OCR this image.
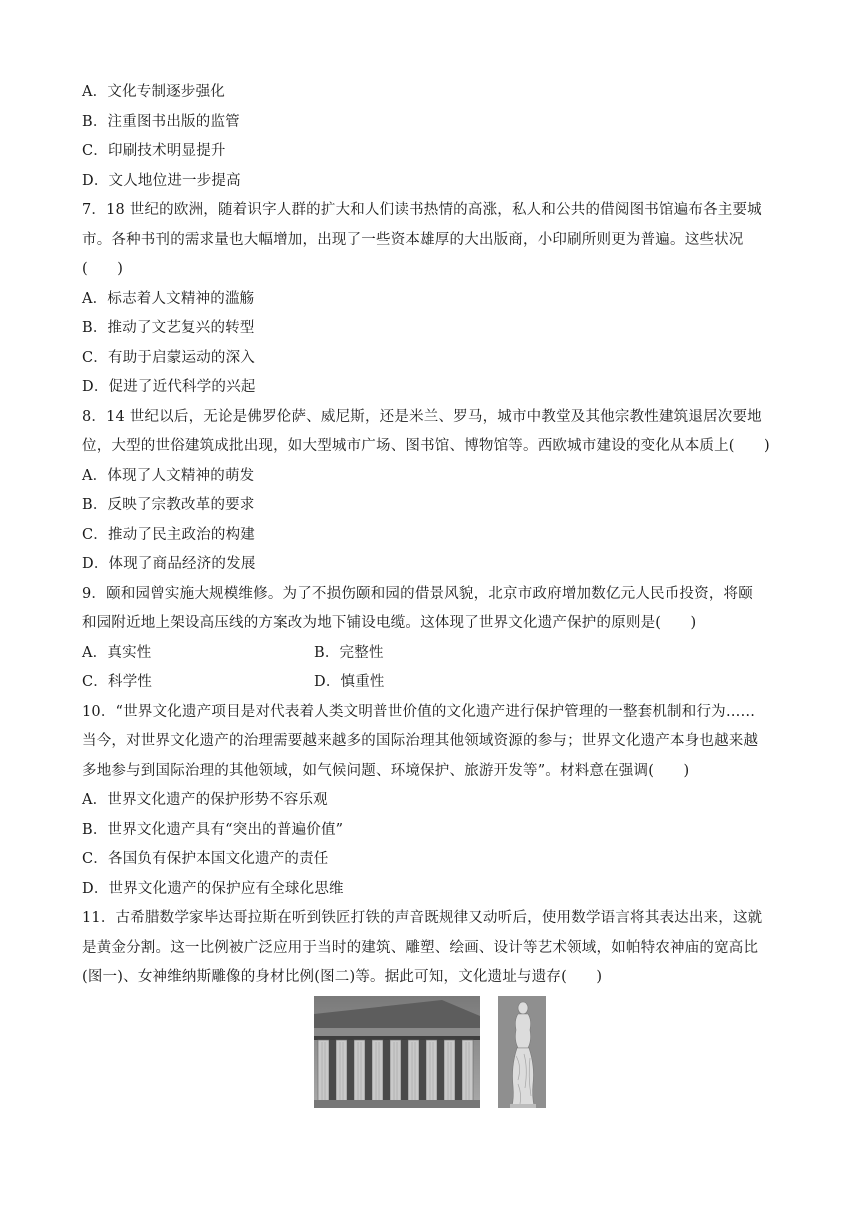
A．文化专制逐步强化
B．注重图书出版的监管
C．印刷技术明显提升
D．文人地位进一步提高
7．18 世纪的欧洲，随着识字人群的扩大和人们读书热情的高涨，私人和公共的借阅图书馆遍布各主要城
市。各种书刊的需求量也大幅增加，出现了一些资本雄厚的大出版商，小印刷所则更为普遍。这些状况
(　　)
A．标志着人文精神的滥觞
B．推动了文艺复兴的转型
C．有助于启蒙运动的深入
D．促进了近代科学的兴起
8．14 世纪以后，无论是佛罗伦萨、威尼斯，还是米兰、罗马，城市中教堂及其他宗教性建筑退居次要地
位，大型的世俗建筑成批出现，如大型城市广场、图书馆、博物馆等。西欧城市建设的变化从本质上(　　)
A．体现了人文精神的萌发
B．反映了宗教改革的要求
C．推动了民主政治的构建
D．体现了商品经济的发展
9．颐和园曾实施大规模维修。为了不损伤颐和园的借景风貌，北京市政府增加数亿元人民币投资，将颐
和园附近地上架设高压线的方案改为地下铺设电缆。这体现了世界文化遗产保护的原则是(　　)
A．真实性	B．完整性
C．科学性	D．慎重性
10．“世界文化遗产项目是对代表着人类文明普世价值的文化遗产进行保护管理的一整套机制和行为……
当今，对世界文化遗产的治理需要越来越多的国际治理其他领域资源的参与；世界文化遗产本身也越来越
多地参与到国际治理的其他领域，如气候问题、环境保护、旅游开发等”。材料意在强调(　　)
A．世界文化遗产的保护形势不容乐观
B．世界文化遗产具有“突出的普遍价值”
C．各国负有保护本国文化遗产的责任
D．世界文化遗产的保护应有全球化思维
11．古希腊数学家毕达哥拉斯在听到铁匠打铁的声音既规律又动听后，使用数学语言将其表达出来，这就
是黄金分割。这一比例被广泛应用于当时的建筑、雕塑、绘画、设计等艺术领域，如帕特农神庙的宽高比
(图一)、女神维纳斯雕像的身材比例(图二)等。据此可知，文化遗址与遗存(　　)
